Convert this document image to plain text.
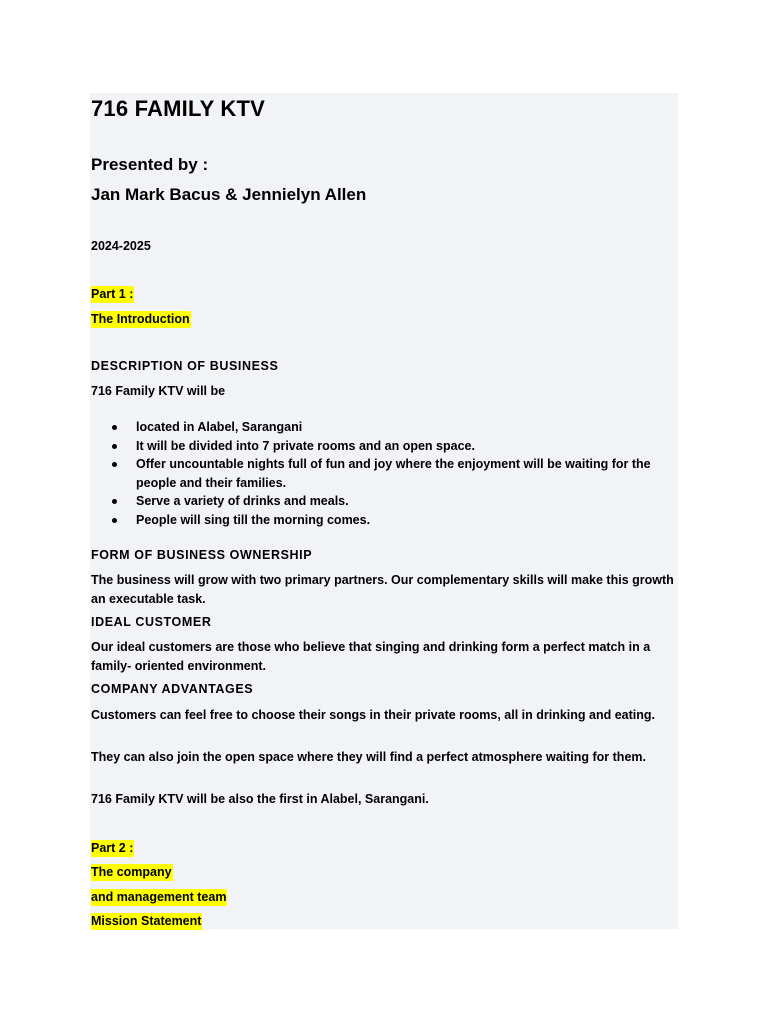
716 FAMILY KTV
Presented by :
Jan Mark Bacus & Jennielyn Allen
2024-2025
Part 1 :
The Introduction
DESCRIPTION OF BUSINESS
716 Family KTV will be
located in Alabel, Sarangani
It will be divided into 7 private rooms and an open space.
Offer uncountable nights full of fun and joy where the enjoyment will be waiting for the people and their families.
Serve a variety of drinks and meals.
People will sing till the morning comes.
FORM OF BUSINESS OWNERSHIP

The business will grow with two primary partners. Our complementary skills will make this growth an executable task.

IDEAL CUSTOMER

Our ideal customers are those who believe that singing and drinking form a perfect match in a family- oriented environment.

COMPANY ADVANTAGES

Customers can feel free to choose their songs in their private rooms, all in drinking and eating.

They can also join the open space where they will find a perfect atmosphere waiting for them.

716 Family KTV will be also the first in Alabel, Sarangani.

Part 2 :
The company
and management team
Mission Statement
